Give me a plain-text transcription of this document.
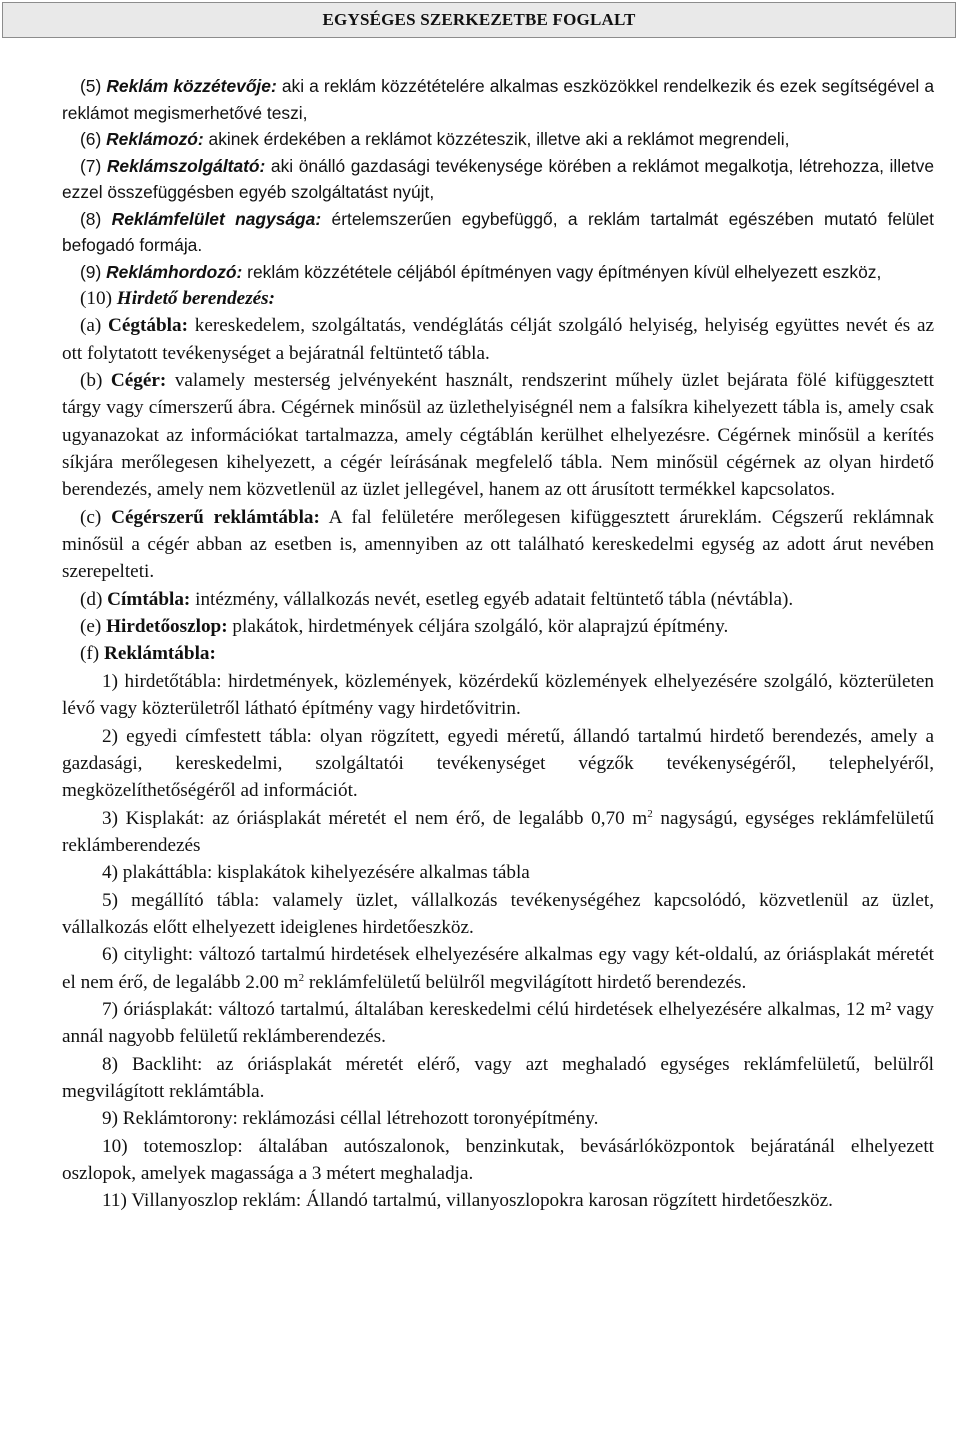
EGYSÉGES SZERKEZETBE FOGLALT

(5) Reklám közzétevője: aki a reklám közzétételére alkalmas eszközökkel rendelkezik és ezek segítségével a reklámot megismerhetővé teszi,

(6) Reklámozó: akinek érdekében a reklámot közzéteszik, illetve aki a reklámot megrendeli,

(7) Reklámszolgáltató: aki önálló gazdasági tevékenysége körében a reklámot megalkotja, létrehozza, illetve ezzel összefüggésben egyéb szolgáltatást nyújt,

(8) Reklámfelület nagysága: értelemszerűen egybefüggő, a reklám tartalmát egészében mutató felület befogadó formája.

(9) Reklámhordozó: reklám közzététele céljából építményen vagy építményen kívül elhelyezett eszköz,

(10) Hirdető berendezés:

(a) Cégtábla: kereskedelem, szolgáltatás, vendéglátás célját szolgáló helyiség, helyiség együttes nevét és az ott folytatott tevékenységet a bejáratnál feltüntető tábla.

(b) Cégér: valamely mesterség jelvényeként használt, rendszerint műhely üzlet bejárata fölé kifüggesztett tárgy vagy címerszerű ábra. Cégérnek minősül az üzlethelyiségnél nem a falsíkra kihelyezett tábla is, amely csak ugyanazokat az információkat tartalmazza, amely cégtáblán kerülhet elhelyezésre. Cégérnek minősül a kerítés síkjára merőlegesen kihelyezett, a cégér leírásának megfelelő tábla. Nem minősül cégérnek az olyan hirdető berendezés, amely nem közvetlenül az üzlet jellegével, hanem az ott árusított termékkel kapcsolatos.

(c) Cégérszerű reklámtábla: A fal felületére merőlegesen kifüggesztett árureklám. Cégszerű reklámnak minősül a cégér abban az esetben is, amennyiben az ott található kereskedelmi egység az adott árut nevében szerepelteti.

(d) Címtábla: intézmény, vállalkozás nevét, esetleg egyéb adatait feltüntető tábla (névtábla).

(e) Hirdetőoszlop: plakátok, hirdetmények céljára szolgáló, kör alaprajzú építmény.

(f) Reklámtábla:

1) hirdetőtábla: hirdetmények, közlemények, közérdekű közlemények elhelyezésére szolgáló, közterületen lévő vagy közterületről látható építmény vagy hirdetővitrin.

2) egyedi címfestett tábla: olyan rögzített, egyedi méretű, állandó tartalmú hirdető berendezés, amely a gazdasági, kereskedelmi, szolgáltatói tevékenységet végzők tevékenységéről, telephelyéről, megközelíthetőségéről ad információt.

3) Kisplakát: az óriásplakát méretét el nem érő, de legalább 0,70 $m^2$ nagyságú, egységes reklámfelületű reklámberendezés

4) plakáttábla: kisplakátok kihelyezésére alkalmas tábla

5) megállító tábla: valamely üzlet, vállalkozás tevékenységéhez kapcsolódó, közvetlenül az üzlet, vállalkozás előtt elhelyezett ideiglenes hirdetőeszköz.

6) citylight: változó tartalmú hirdetések elhelyezésére alkalmas egy vagy két-oldalú, az óriásplakát méretét el nem érő, de legalább 2.00 $m^2$ reklámfelületű belülről megvilágított hirdető berendezés.

7) óriásplakát: változó tartalmú, általában kereskedelmi célú hirdetések elhelyezésére alkalmas, 12 m² vagy annál nagyobb felületű reklámberendezés.

8) Backliht: az óriásplakát méretét elérő, vagy azt meghaladó egységes reklámfelületű, belülről megvilágított reklámtábla.

9) Reklámtorony: reklámozási céllal létrehozott toronyépítmény.

10) totemoszlop: általában autószalonok, benzinkutak, bevásárlóközpontok bejáratánál elhelyezett oszlopok, amelyek magassága a 3 métert meghaladja.

11) Villanyoszlop reklám: Állandó tartalmú, villanyoszlopokra karosan rögzített hirdetőeszköz.
